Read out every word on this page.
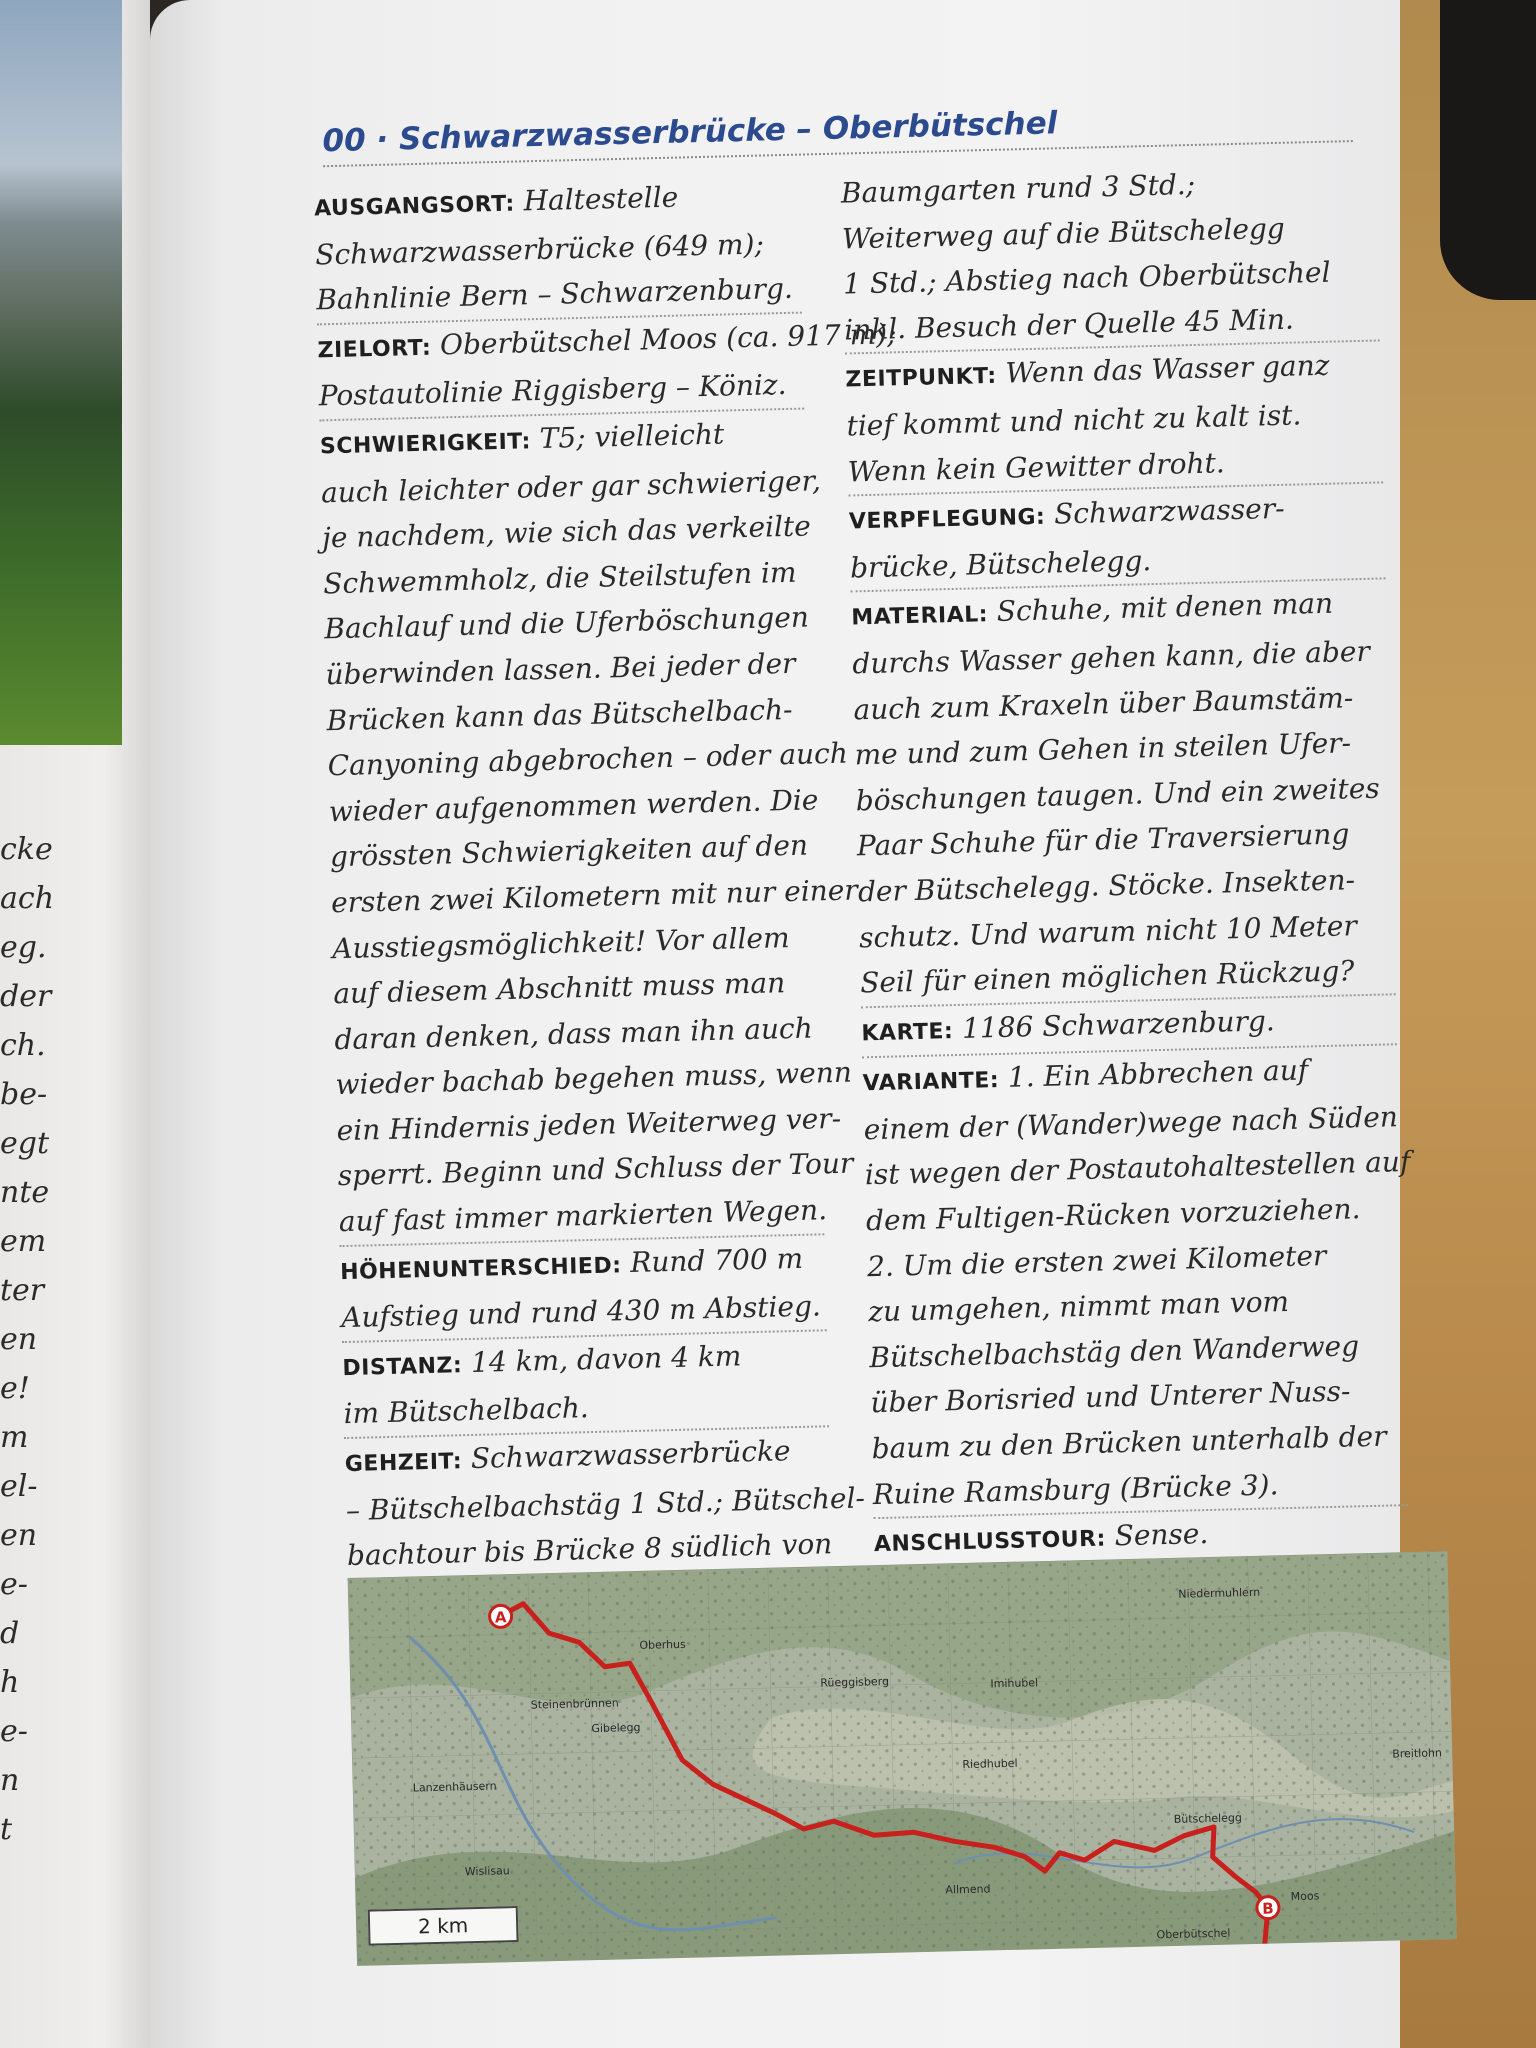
cke
ach
eg.
der
ch.
be-
egt
nte
em
ter
en
e!
m
el-
en
e-
d
h
e-
n
t
00 · Schwarzwasserbrücke – Oberbütschel
AUSGANGSORT: Haltestelle
Schwarzwasserbrücke (649 m);
Bahnlinie Bern – Schwarzenburg.
ZIELORT: Oberbütschel Moos (ca. 917 m);
Postautolinie Riggisberg – Köniz.
SCHWIERIGKEIT: T5; vielleicht
auch leichter oder gar schwieriger,
je nachdem, wie sich das verkeilte
Schwemmholz, die Steilstufen im
Bachlauf und die Uferböschungen
überwinden lassen. Bei jeder der
Brücken kann das Bütschelbach-
Canyoning abgebrochen – oder auch
wieder aufgenommen werden. Die
grössten Schwierigkeiten auf den
ersten zwei Kilometern mit nur einer
Ausstiegsmöglichkeit! Vor allem
auf diesem Abschnitt muss man
daran denken, dass man ihn auch
wieder bachab begehen muss, wenn
ein Hindernis jeden Weiterweg ver-
sperrt. Beginn und Schluss der Tour
auf fast immer markierten Wegen.
HÖHENUNTERSCHIED: Rund 700 m
Aufstieg und rund 430 m Abstieg.
DISTANZ: 14 km, davon 4 km
im Bütschelbach.
GEHZEIT: Schwarzwasserbrücke
– Bütschelbachstäg 1 Std.; Bütschel-
bachtour bis Brücke 8 südlich von
Baumgarten rund 3 Std.;
Weiterweg auf die Bütschelegg
1 Std.; Abstieg nach Oberbütschel
inkl. Besuch der Quelle 45 Min.
ZEITPUNKT: Wenn das Wasser ganz
tief kommt und nicht zu kalt ist.
Wenn kein Gewitter droht.
VERPFLEGUNG: Schwarzwasser-
brücke, Bütschelegg.
MATERIAL: Schuhe, mit denen man
durchs Wasser gehen kann, die aber
auch zum Kraxeln über Baumstäm-
me und zum Gehen in steilen Ufer-
böschungen taugen. Und ein zweites
Paar Schuhe für die Traversierung
der Bütschelegg. Stöcke. Insekten-
schutz. Und warum nicht 10 Meter
Seil für einen möglichen Rückzug?
KARTE: 1186 Schwarzenburg.
VARIANTE: 1. Ein Abbrechen auf
einem der (Wander)wege nach Süden
ist wegen der Postautohaltestellen auf
dem Fultigen-Rücken vorzuziehen.
2. Um die ersten zwei Kilometer
zu umgehen, nimmt man vom
Bütschelbachstäg den Wanderweg
über Borisried und Unterer Nuss-
baum zu den Brücken unterhalb der
Ruine Ramsburg (Brücke 3).
ANSCHLUSSTOUR: Sense.
A
B
Niedermuhlern
Imihubel
Riedhubel
Bütschelegg
Moos
Oberbütschel
Breitlohn
Gibelegg
Steinenbrünnen
Lanzenhäusern
Wislisau
Allmend
Oberhus
Rüeggisberg
2 km
